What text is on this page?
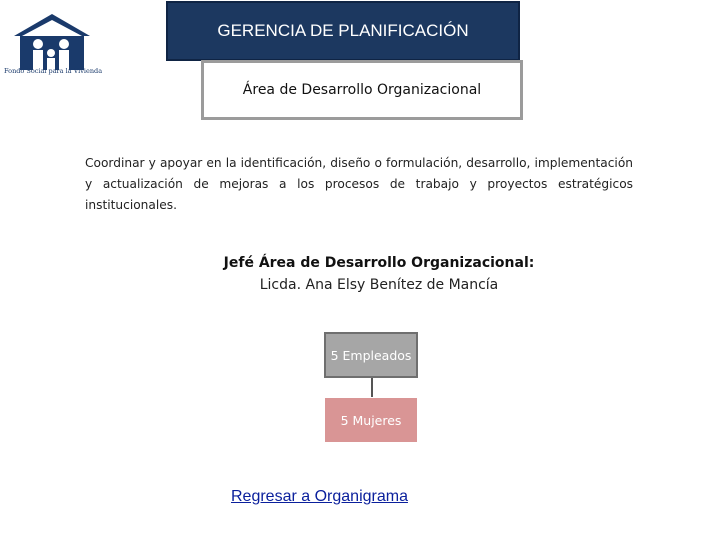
Fondo Social para la Vivienda
GERENCIA DE PLANIFICACIÓN
Área de Desarrollo Organizacional
Coordinar y apoyar en la identificación, diseño o formulación, desarrollo, implementación y actualización de mejoras a los procesos de trabajo y proyectos estratégicos institucionales.
Jefé Área de Desarrollo Organizacional:
Licda. Ana Elsy Benítez de Mancía
5 Empleados
5 Mujeres
Regresar a Organigrama
